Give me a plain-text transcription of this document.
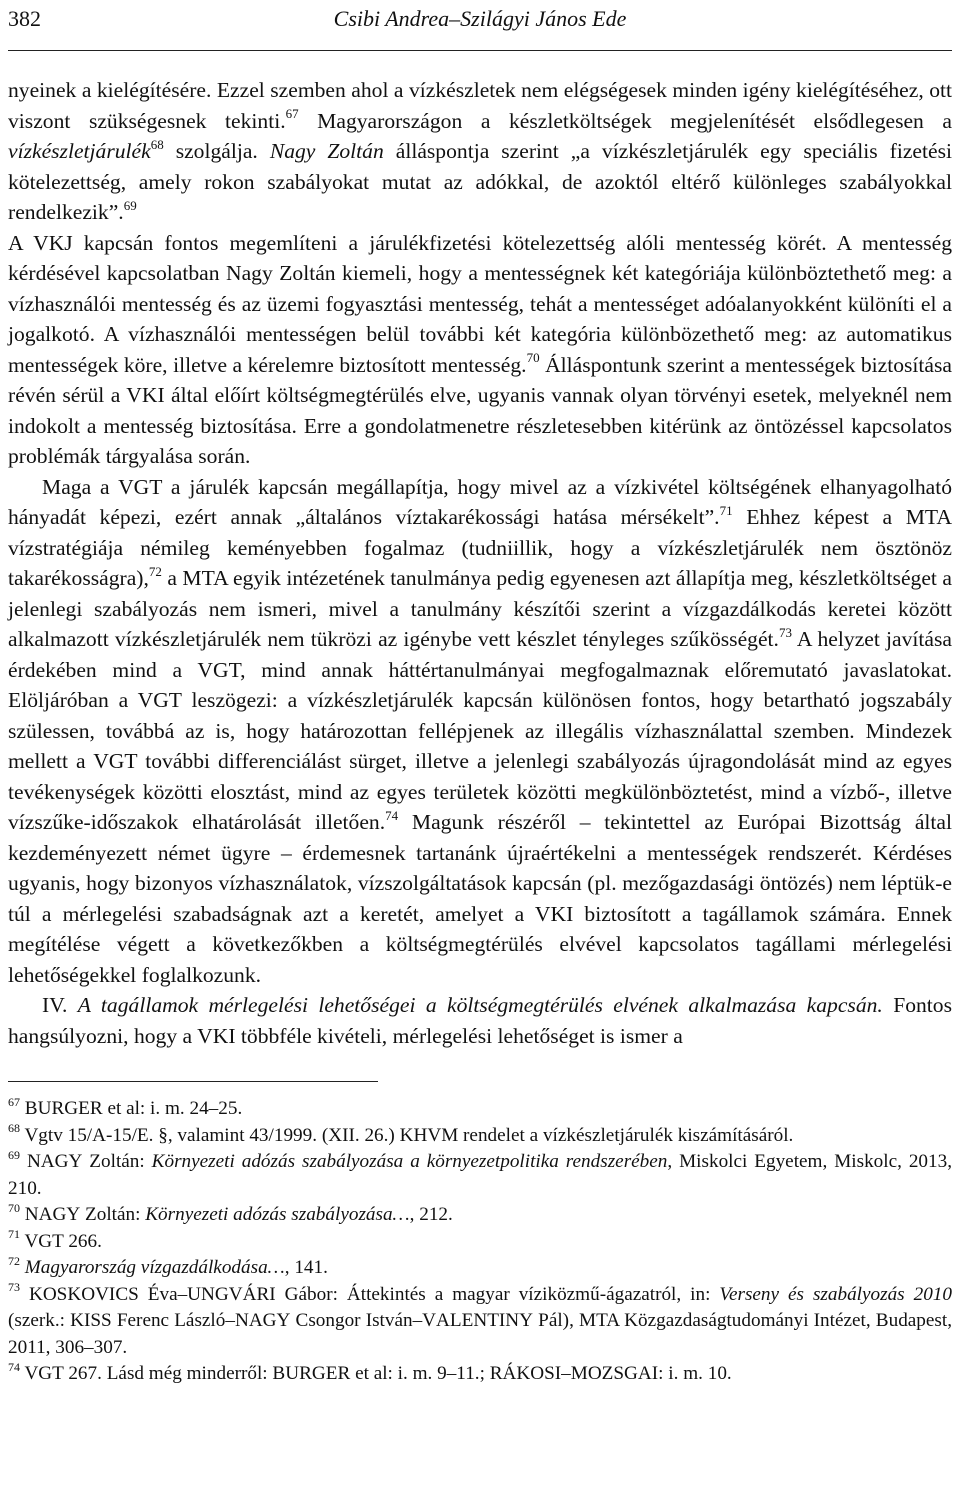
382	Csibi Andrea–Szilágyi János Ede

nyeinek a kielégítésére. Ezzel szemben ahol a vízkészletek nem elégségesek minden igény kielégítéséhez, ott viszont szükségesnek tekinti.$^{67}$ Magyarországon a készletköltségek megjelenítését elsődlegesen a vízkészletjárulék$^{68}$ szolgálja. Nagy Zoltán álláspontja szerint „a vízkészletjárulék egy speciális fizetési kötelezettség, amely rokon szabályokat mutat az adókkal, de azoktól eltérő különleges szabályokkal rendelkezik”.$^{69}$

A VKJ kapcsán fontos megemlíteni a járulékfizetési kötelezettség alóli mentesség körét. A mentesség kérdésével kapcsolatban Nagy Zoltán kiemeli, hogy a mentességnek két kategóriája különböztethető meg: a vízhasználói mentesség és az üzemi fogyasztási mentesség, tehát a mentességet adóalanyokként különíti el a jogalkotó. A vízhasználói mentességen belül további két kategória különbözethető meg: az automatikus mentességek köre, illetve a kérelemre biztosított mentesség.$^{70}$ Álláspontunk szerint a mentességek biztosítása révén sérül a VKI által előírt költségmegtérülés elve, ugyanis vannak olyan törvényi esetek, melyeknél nem indokolt a mentesség biztosítása. Erre a gondolatmenetre részletesebben kitérünk az öntözéssel kapcsolatos problémák tárgyalása során.

Maga a VGT a járulék kapcsán megállapítja, hogy mivel az a vízkivétel költségének elhanyagolható hányadát képezi, ezért annak „általános víztakarékossági hatása mérsékelt”.$^{71}$ Ehhez képest a MTA vízstratégiája némileg keményebben fogalmaz (tudniillik, hogy a vízkészletjárulék nem ösztönöz takarékosságra),$^{72}$ a MTA egyik intézetének tanulmánya pedig egyenesen azt állapítja meg, készletköltséget a jelenlegi szabályozás nem ismeri, mivel a tanulmány készítői szerint a vízgazdálkodás keretei között alkalmazott vízkészletjárulék nem tükrözi az igénybe vett készlet tényleges szűkösségét.$^{73}$ A helyzet javítása érdekében mind a VGT, mind annak háttértanulmányai megfogalmaznak előremutató javaslatokat. Elöljáróban a VGT leszögezi: a vízkészletjárulék kapcsán különösen fontos, hogy betartható jogszabály szülessen, továbbá az is, hogy határozottan fellépjenek az illegális vízhasználattal szemben. Mindezek mellett a VGT további differenciálást sürget, illetve a jelenlegi szabályozás újragondolását mind az egyes tevékenységek közötti elosztást, mind az egyes területek közötti megkülönböztetést, mind a vízbő-, illetve vízszűke-időszakok elhatárolását illetően.$^{74}$ Magunk részéről – tekintettel az Európai Bizottság által kezdeményezett német ügyre – érdemesnek tartanánk újraértékelni a mentességek rendszerét. Kérdéses ugyanis, hogy bizonyos vízhasználatok, vízszolgáltatások kapcsán (pl. mezőgazdasági öntözés) nem léptük-e túl a mérlegelési szabadságnak azt a keretét, amelyet a VKI biztosított a tagállamok számára. Ennek megítélése végett a következőkben a költségmegtérülés elvével kapcsolatos tagállami mérlegelési lehetőségekkel foglalkozunk.

IV. A tagállamok mérlegelési lehetőségei a költségmegtérülés elvének alkalmazása kapcsán. Fontos hangsúlyozni, hogy a VKI többféle kivételi, mérlegelési lehetőséget is ismer a

$^{67}$ BURGER et al: i. m. 24–25.

$^{68}$ Vgtv 15/A-15/E. §, valamint 43/1999. (XII. 26.) KHVM rendelet a vízkészletjárulék kiszámításáról.

$^{69}$ NAGY Zoltán: Környezeti adózás szabályozása a környezetpolitika rendszerében, Miskolci Egyetem, Miskolc, 2013, 210.

$^{70}$ NAGY Zoltán: Környezeti adózás szabályozása…, 212.

$^{71}$ VGT 266.

$^{72}$ Magyarország vízgazdálkodása…, 141.

$^{73}$ KOSKOVICS Éva–UNGVÁRI Gábor: Áttekintés a magyar víziközmű-ágazatról, in: Verseny és szabályozás 2010 (szerk.: KISS Ferenc László–NAGY Csongor István–VALENTINY Pál), MTA Közgazdaságtudományi Intézet, Budapest, 2011, 306–307.

$^{74}$ VGT 267. Lásd még minderről: BURGER et al: i. m. 9–11.; RÁKOSI–MOZSGAI: i. m. 10.
